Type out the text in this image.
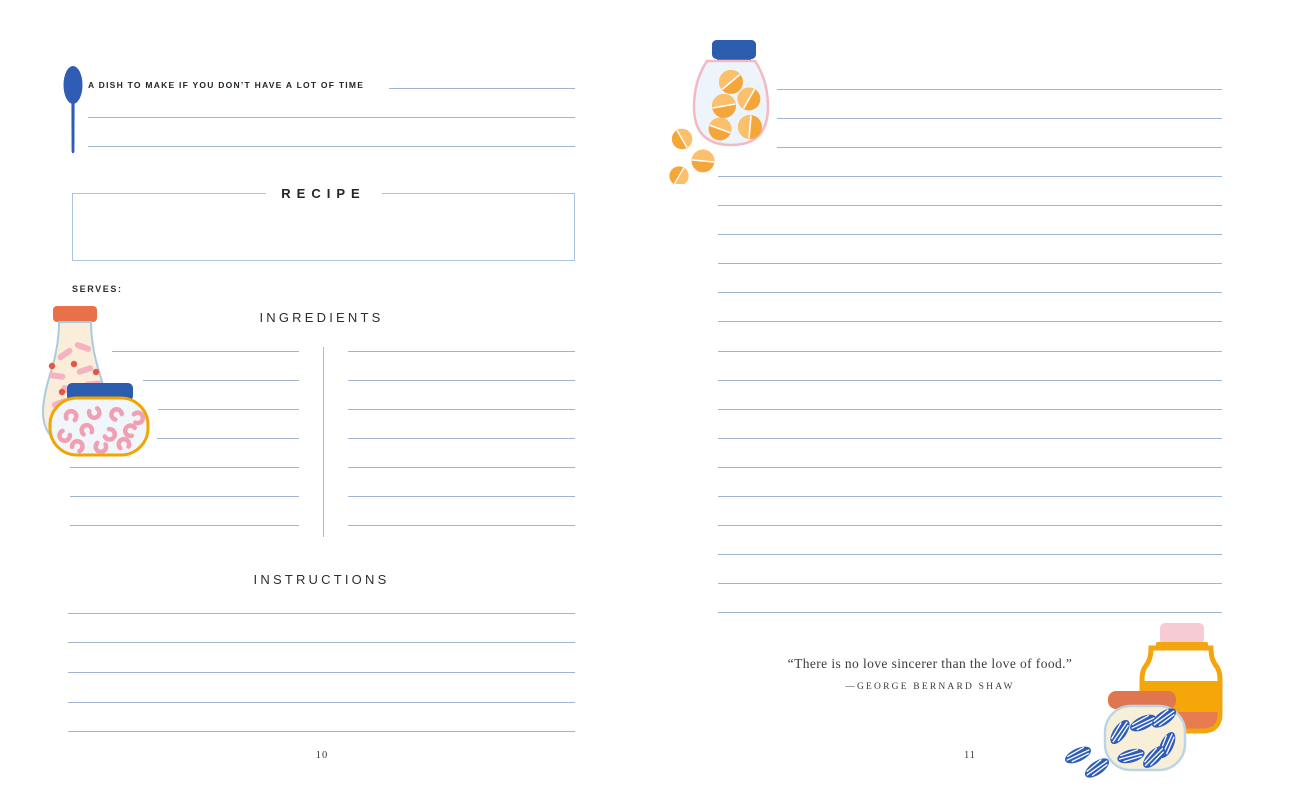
A DISH TO MAKE IF YOU DON’T HAVE A LOT OF TIME
RECIPE
SERVES:
INGREDIENTS
INSTRUCTIONS
10
“There is no love sincerer than the love of food.”
—GEORGE BERNARD SHAW
11
